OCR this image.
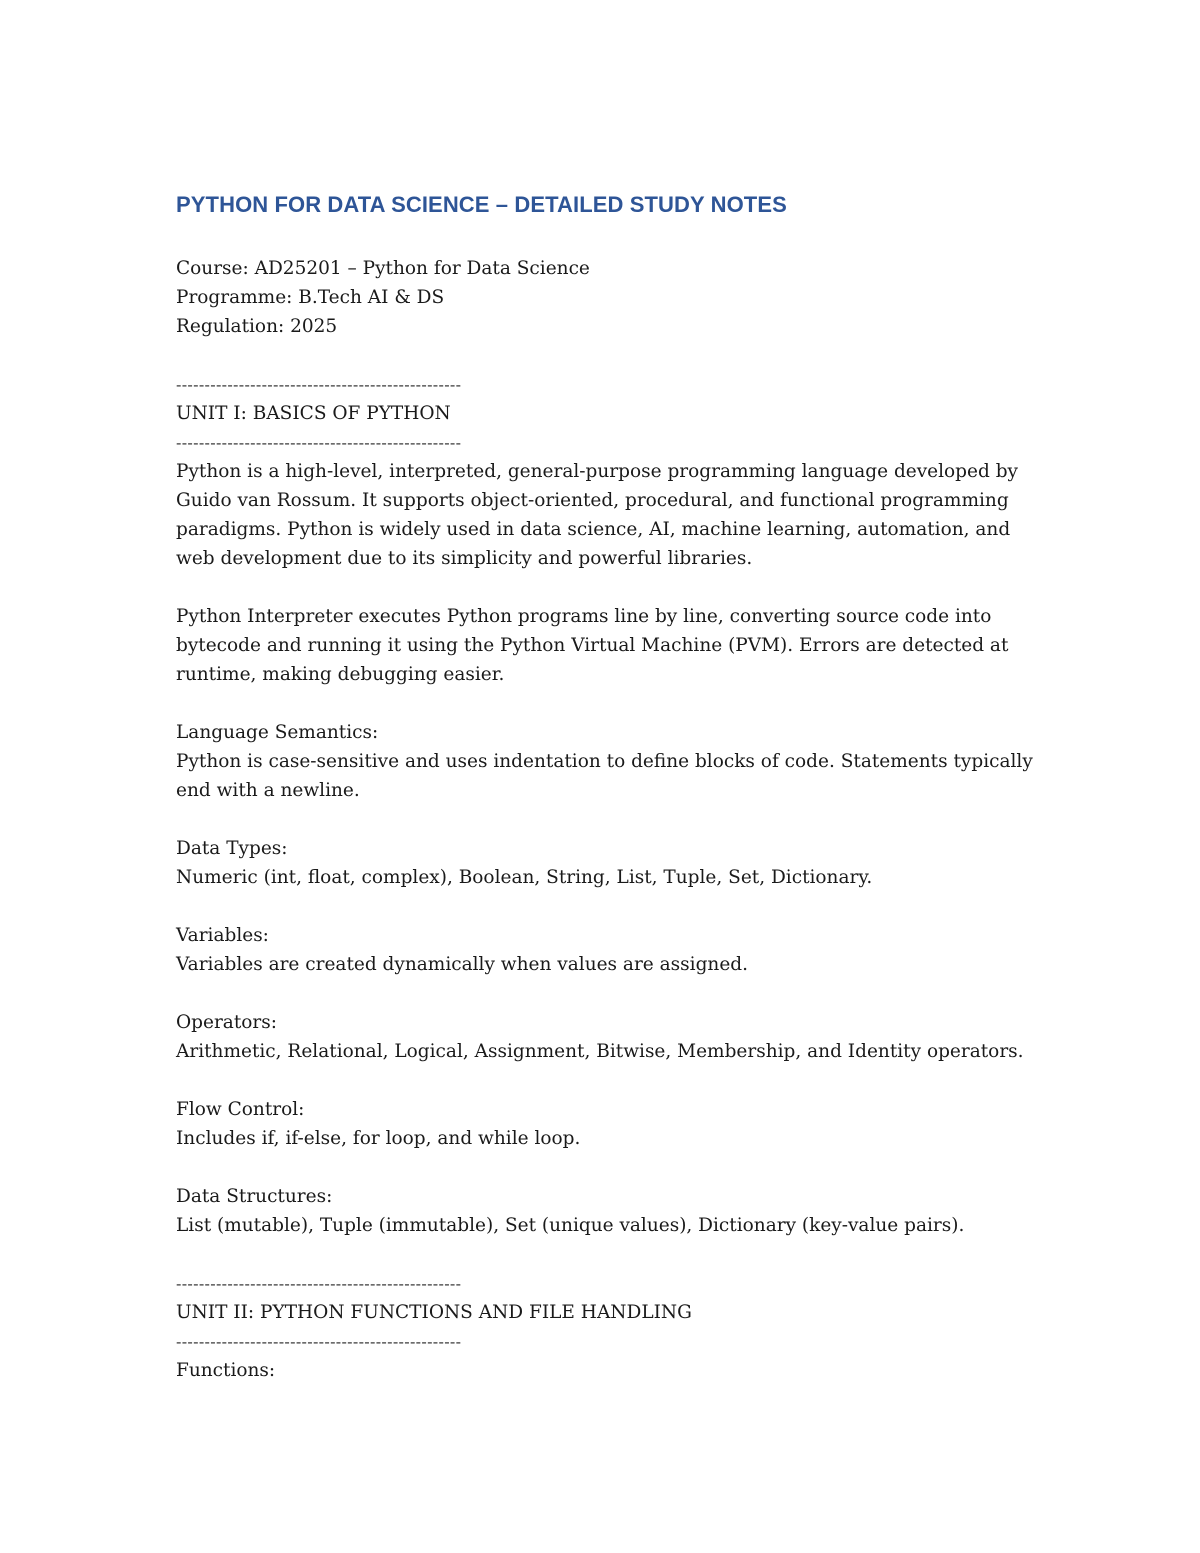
PYTHON FOR DATA SCIENCE – DETAILED STUDY NOTES
Course: AD25201 – Python for Data Science
Programme: B.Tech AI & DS
Regulation: 2025
--------------------------------------------------
UNIT I: BASICS OF PYTHON
--------------------------------------------------
Python is a high-level, interpreted, general-purpose programming language developed by
Guido van Rossum. It supports object-oriented, procedural, and functional programming
paradigms. Python is widely used in data science, AI, machine learning, automation, and
web development due to its simplicity and powerful libraries.
Python Interpreter executes Python programs line by line, converting source code into
bytecode and running it using the Python Virtual Machine (PVM). Errors are detected at
runtime, making debugging easier.
Language Semantics:
Python is case-sensitive and uses indentation to define blocks of code. Statements typically
end with a newline.
Data Types:
Numeric (int, float, complex), Boolean, String, List, Tuple, Set, Dictionary.
Variables:
Variables are created dynamically when values are assigned.
Operators:
Arithmetic, Relational, Logical, Assignment, Bitwise, Membership, and Identity operators.
Flow Control:
Includes if, if-else, for loop, and while loop.
Data Structures:
List (mutable), Tuple (immutable), Set (unique values), Dictionary (key-value pairs).
--------------------------------------------------
UNIT II: PYTHON FUNCTIONS AND FILE HANDLING
--------------------------------------------------
Functions:
